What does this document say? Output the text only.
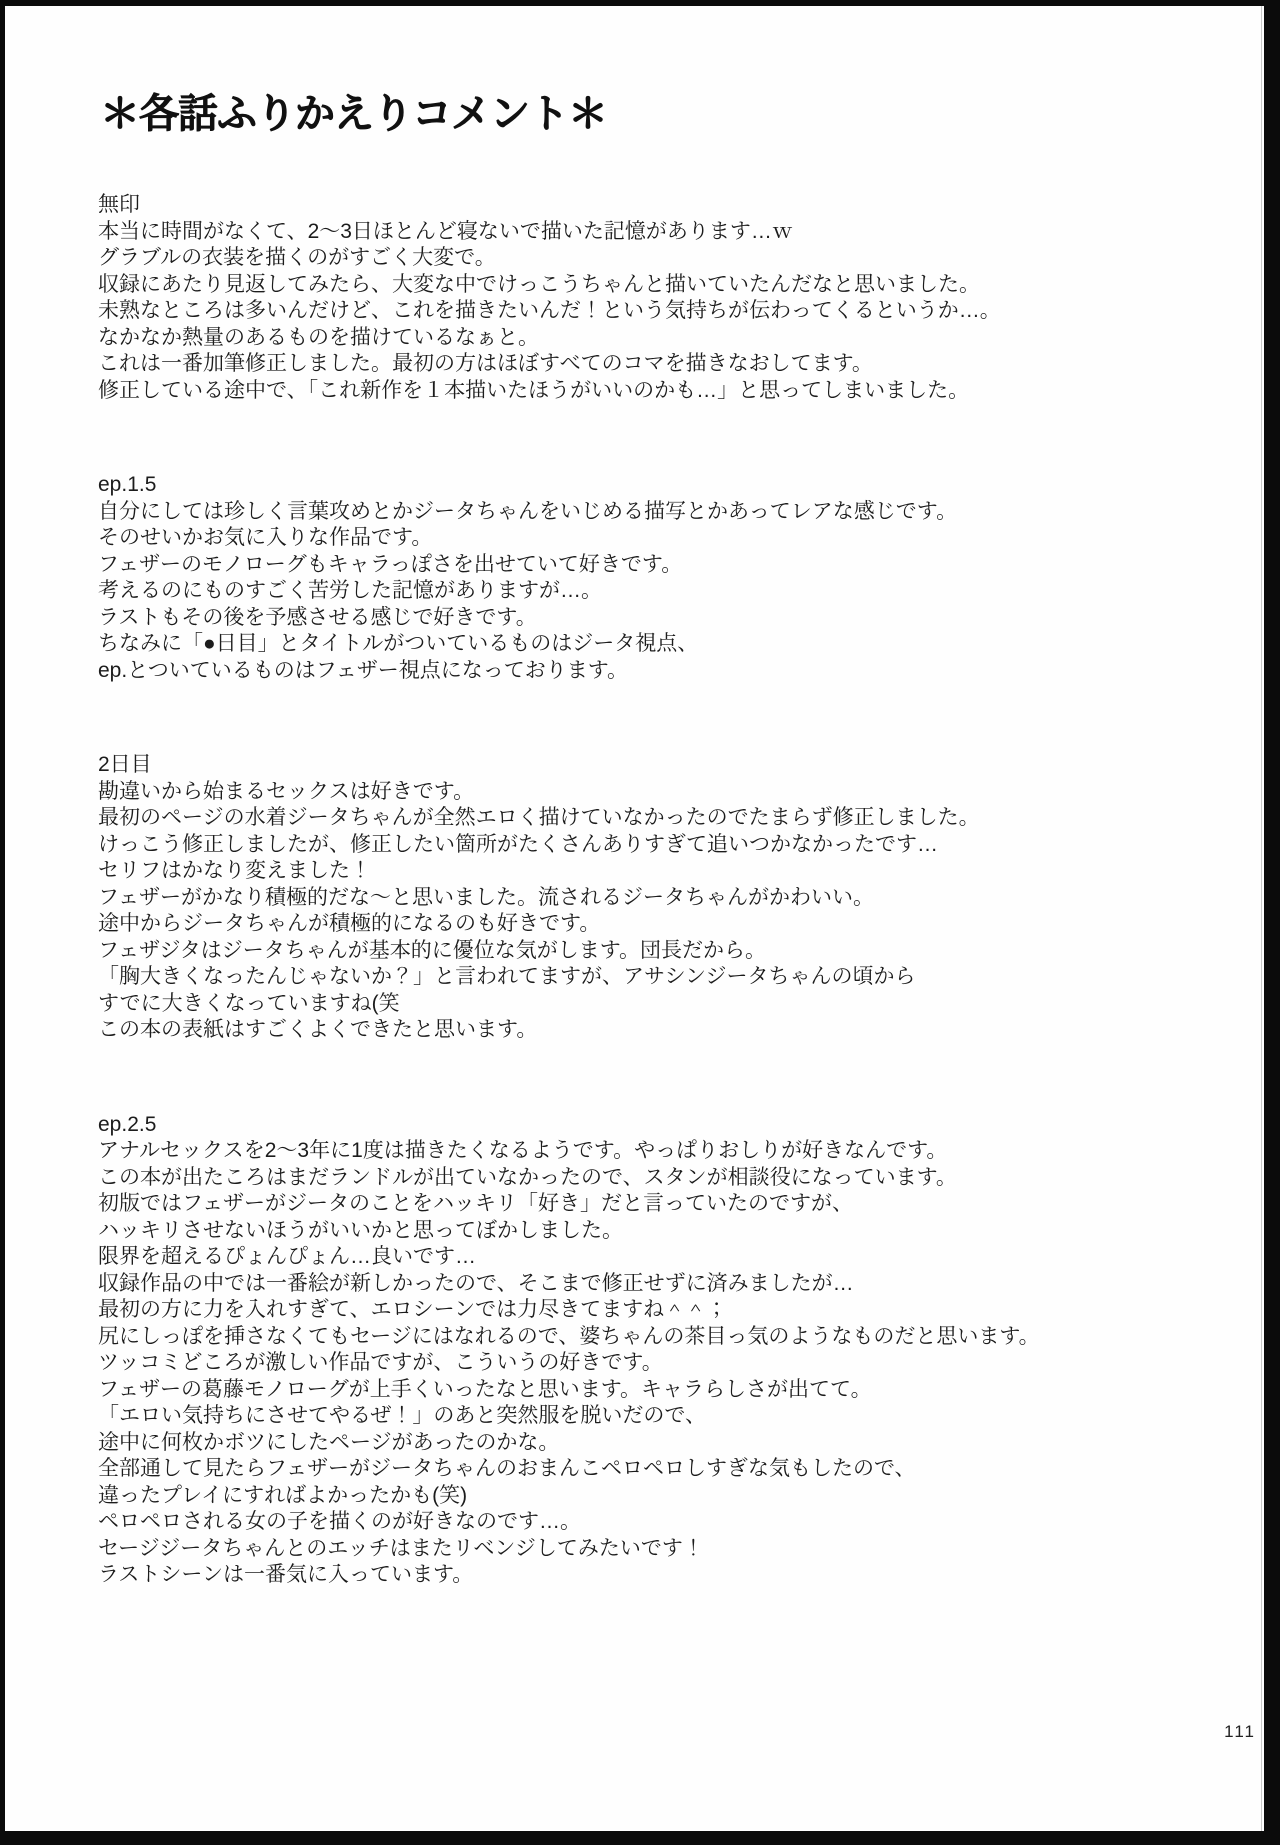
＊各話ふりかえりコメント＊
無印
本当に時間がなくて、2～3日ほとんど寝ないで描いた記憶があります…ｗ
グラブルの衣装を描くのがすごく大変で。
収録にあたり見返してみたら、大変な中でけっこうちゃんと描いていたんだなと思いました。
未熟なところは多いんだけど、これを描きたいんだ！という気持ちが伝わってくるというか…。
なかなか熱量のあるものを描けているなぁと。
これは一番加筆修正しました。最初の方はほぼすべてのコマを描きなおしてます。
修正している途中で、「これ新作を１本描いたほうがいいのかも…」と思ってしまいました。
ep.1.5
自分にしては珍しく言葉攻めとかジータちゃんをいじめる描写とかあってレアな感じです。
そのせいかお気に入りな作品です。
フェザーのモノローグもキャラっぽさを出せていて好きです。
考えるのにものすごく苦労した記憶がありますが…。
ラストもその後を予感させる感じで好きです。
ちなみに「●日目」とタイトルがついているものはジータ視点、
ep.とついているものはフェザー視点になっております。
2日目
勘違いから始まるセックスは好きです。
最初のページの水着ジータちゃんが全然エロく描けていなかったのでたまらず修正しました。
けっこう修正しましたが、修正したい箇所がたくさんありすぎて追いつかなかったです…
セリフはかなり変えました！
フェザーがかなり積極的だな～と思いました。流されるジータちゃんがかわいい。
途中からジータちゃんが積極的になるのも好きです。
フェザジタはジータちゃんが基本的に優位な気がします。団長だから。
「胸大きくなったんじゃないか？」と言われてますが、アサシンジータちゃんの頃から
すでに大きくなっていますね(笑
この本の表紙はすごくよくできたと思います。
ep.2.5
アナルセックスを2～3年に1度は描きたくなるようです。やっぱりおしりが好きなんです。
この本が出たころはまだランドルが出ていなかったので、スタンが相談役になっています。
初版ではフェザーがジータのことをハッキリ「好き」だと言っていたのですが、
ハッキリさせないほうがいいかと思ってぼかしました。
限界を超えるぴょんぴょん…良いです…
収録作品の中では一番絵が新しかったので、そこまで修正せずに済みましたが…
最初の方に力を入れすぎて、エロシーンでは力尽きてますね＾＾；
尻にしっぽを挿さなくてもセージにはなれるので、婆ちゃんの茶目っ気のようなものだと思います。
ツッコミどころが激しい作品ですが、こういうの好きです。
フェザーの葛藤モノローグが上手くいったなと思います。キャラらしさが出てて。
「エロい気持ちにさせてやるぜ！」のあと突然服を脱いだので、
途中に何枚かボツにしたページがあったのかな。
全部通して見たらフェザーがジータちゃんのおまんこペロペロしすぎな気もしたので、
違ったプレイにすればよかったかも(笑)
ペロペロされる女の子を描くのが好きなのです…。
セージジータちゃんとのエッチはまたリベンジしてみたいです！
ラストシーンは一番気に入っています。
111
